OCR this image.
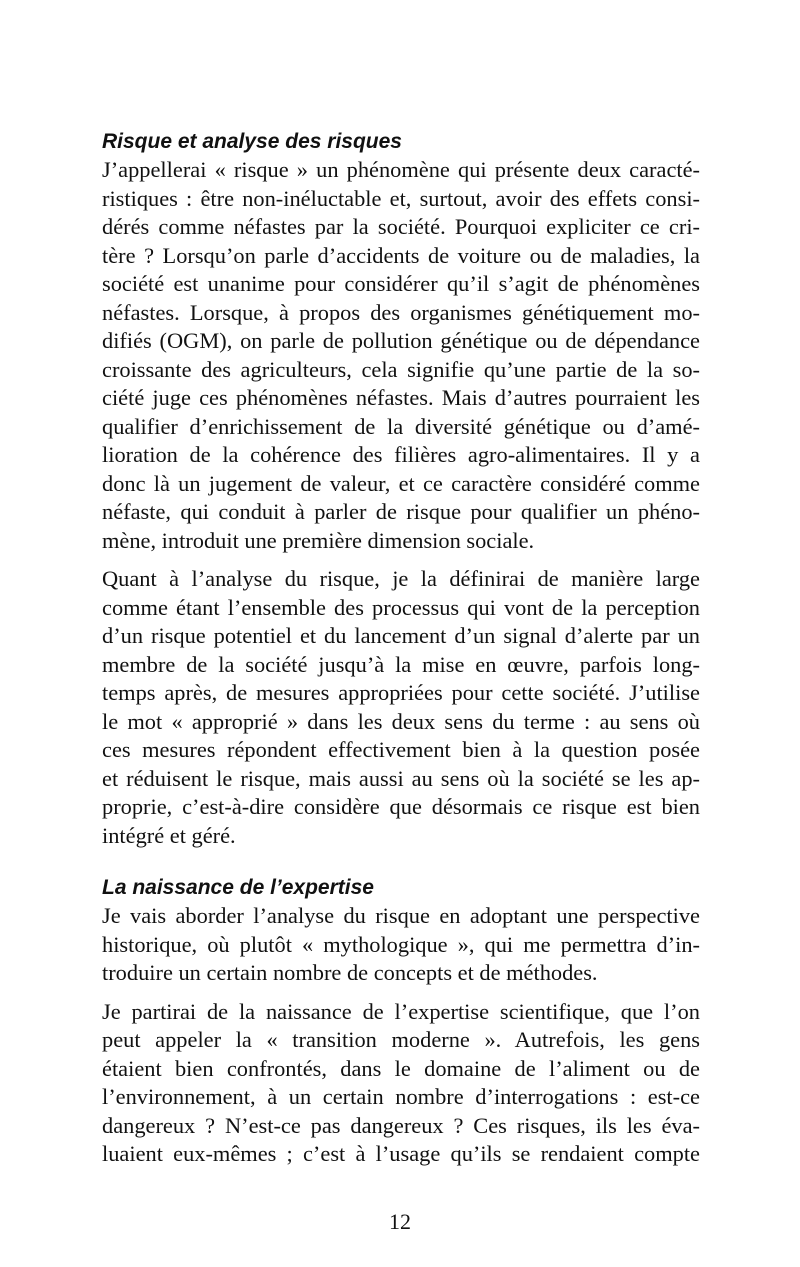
Risque et analyse des risques

J’appellerai « risque » un phénomène qui présente deux caracté-
ristiques : être non-inéluctable et, surtout, avoir des effets consi-
dérés comme néfastes par la société. Pourquoi expliciter ce cri-
tère ? Lorsqu’on parle d’accidents de voiture ou de maladies, la
société est unanime pour considérer qu’il s’agit de phénomènes
néfastes. Lorsque, à propos des organismes génétiquement mo-
difiés (OGM), on parle de pollution génétique ou de dépendance
croissante des agriculteurs, cela signifie qu’une partie de la so-
ciété juge ces phénomènes néfastes. Mais d’autres pourraient les
qualifier d’enrichissement de la diversité génétique ou d’amé-
lioration de la cohérence des filières agro-alimentaires. Il y a
donc là un jugement de valeur, et ce caractère considéré comme
néfaste, qui conduit à parler de risque pour qualifier un phéno-
mène, introduit une première dimension sociale.

Quant à l’analyse du risque, je la définirai de manière large
comme étant l’ensemble des processus qui vont de la perception
d’un risque potentiel et du lancement d’un signal d’alerte par un
membre de la société jusqu’à la mise en œuvre, parfois long-
temps après, de mesures appropriées pour cette société. J’utilise
le mot « approprié » dans les deux sens du terme : au sens où
ces mesures répondent effectivement bien à la question posée
et réduisent le risque, mais aussi au sens où la société se les ap-
proprie, c’est-à-dire considère que désormais ce risque est bien
intégré et géré.

La naissance de l’expertise

Je vais aborder l’analyse du risque en adoptant une perspective
historique, où plutôt « mythologique », qui me permettra d’in-
troduire un certain nombre de concepts et de méthodes.

Je partirai de la naissance de l’expertise scientifique, que l’on
peut appeler la « transition moderne ». Autrefois, les gens
étaient bien confrontés, dans le domaine de l’aliment ou de
l’environnement, à un certain nombre d’interrogations : est-ce
dangereux ? N’est-ce pas dangereux ? Ces risques, ils les éva-
luaient eux-mêmes ; c’est à l’usage qu’ils se rendaient compte

12
